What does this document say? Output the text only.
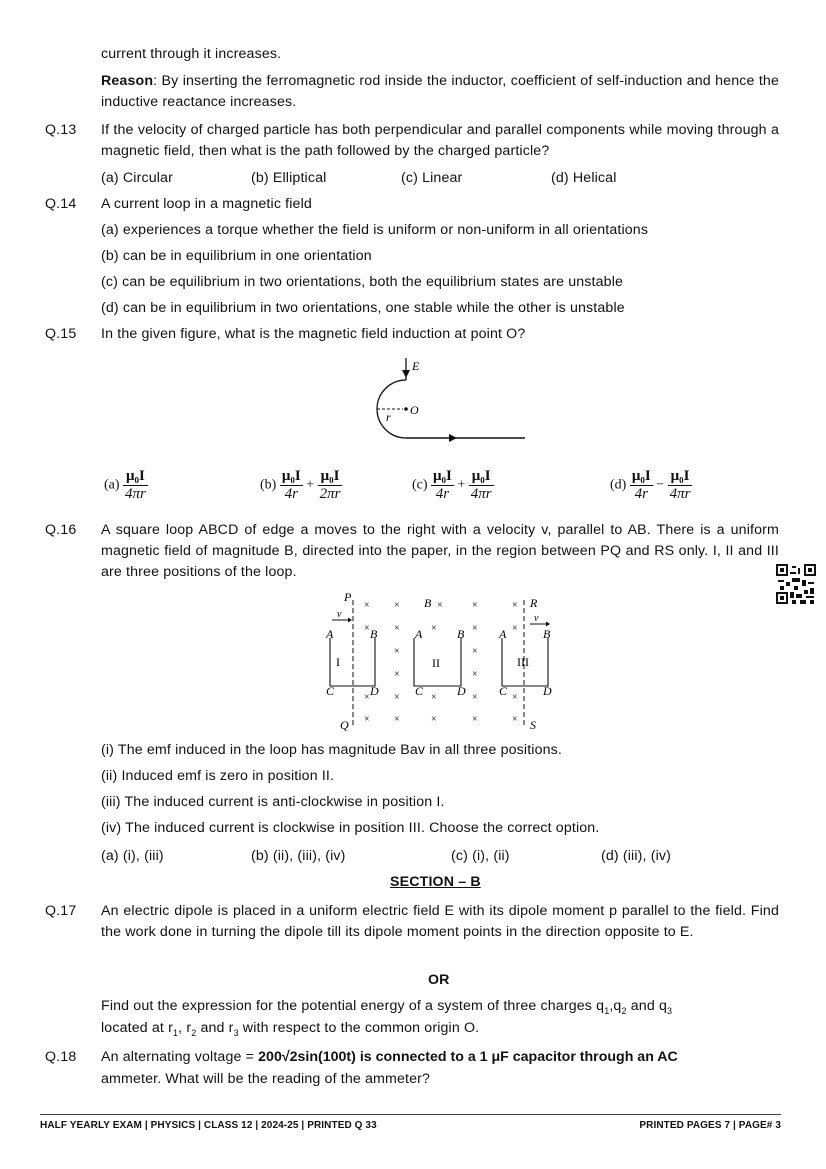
current through it increases.
Reason: By inserting the ferromagnetic rod inside the inductor, coefficient of self-induction and hence the inductive reactance increases.
Q.13 If the velocity of charged particle has both perpendicular and parallel components while moving through a magnetic field, then what is the path followed by the charged particle?
(a) Circular	(b) Elliptical	(c) Linear	(d) Helical
Q.14 A current loop in a magnetic field
(a) experiences a torque whether the field is uniform or non-uniform in all orientations
(b) can be in equilibrium in one orientation
(c) can be equilibrium in two orientations, both the equilibrium states are unstable
(d) can be in equilibrium in two orientations, one stable while the other is unstable
Q.15 In the given figure, what is the magnetic field induction at point O?
E
r O
$(a) \frac{\text{μ₀I}}{4\pi r}$	$(b) \frac{\text{μ₀I}}{4r} + \frac{\text{μ₀I}}{2\pi r}$	$(c) \frac{\text{μ₀I}}{4r} + \frac{\text{μ₀I}}{4\pi r}$	$(d) \frac{\text{μ₀I}}{4r} - \frac{\text{μ₀I}}{4\pi r}$
Q.16 A square loop ABCD of edge a moves to the right with a velocity v, parallel to AB. There is a uniform magnetic field of magnitude B, directed into the paper, in the region between PQ and RS only. I, II and III are three positions of the loop.
P
Q
R
S
B
× ×	×	×	×
× ×	×	×	×
×	×
×	×
× ×	×	×	×
× ×	×	×	×
v	v
A	B
C	D
I
A	B
C	D
II
A	B
C	D
III
(i) The emf induced in the loop has magnitude Bav in all three positions.
(ii) Induced emf is zero in position II.
(iii) The induced current is anti-clockwise in position I.
(iv) The induced current is clockwise in position III. Choose the correct option.
(a) (i), (iii)	(b) (ii), (iii), (iv)	(c) (i), (ii)	(d) (iii), (iv)
SECTION – B
Q.17 An electric dipole is placed in a uniform electric field E with its dipole moment p parallel to the field. Find the work done in turning the dipole till its dipole moment points in the direction opposite to E.
OR
Find out the expression for the potential energy of a system of three charges $q_1,q_2$ and $q_3$
located at $r_1$, $r_2$ and $r_3$ with respect to the common origin O.
Q.18 An alternating voltage = 200√2sin(100t) is connected to a 1 μF capacitor through an AC
ammeter. What will be the reading of the ammeter?
HALF YEARLY EXAM | PHYSICS | CLASS 12 | 2024-25 | PRINTED Q 33	PRINTED PAGES 7 | PAGE# 3
